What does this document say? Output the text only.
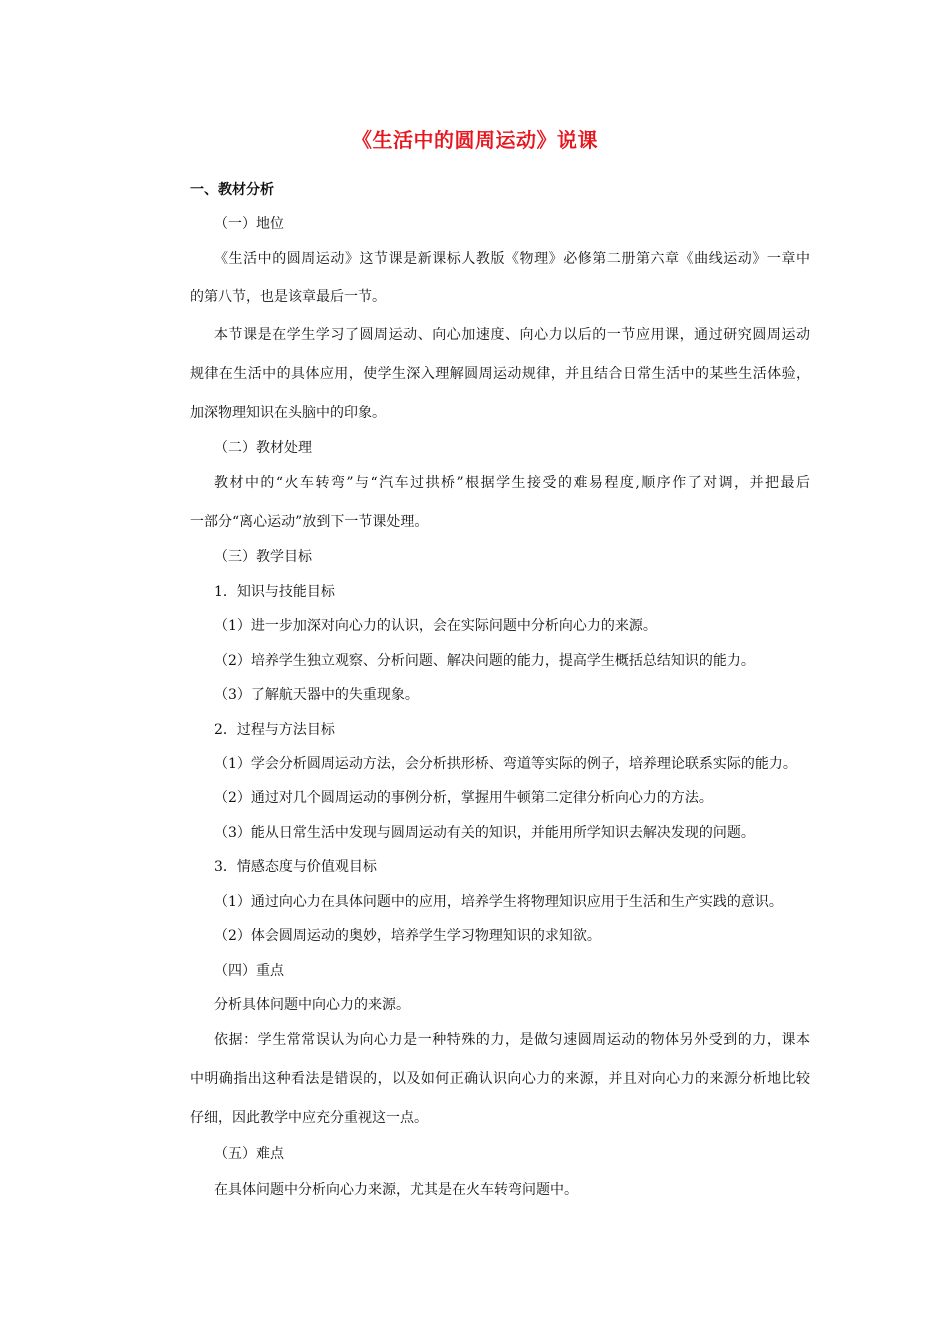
《生活中的圆周运动》说课
一、教材分析
（一）地位
《生活中的圆周运动》这节课是新课标人教版《物理》必修第二册第六章《曲线运动》一章中
的第八节，也是该章最后一节。
本节课是在学生学习了圆周运动、向心加速度、向心力以后的一节应用课，通过研究圆周运动
规律在生活中的具体应用，使学生深入理解圆周运动规律，并且结合日常生活中的某些生活体验，
加深物理知识在头脑中的印象。
（二）教材处理
教材中的“火车转弯”与“汽车过拱桥”根据学生接受的难易程度,顺序作了对调，并把最后
一部分“离心运动”放到下一节课处理。
（三）教学目标
1．知识与技能目标
（1）进一步加深对向心力的认识，会在实际问题中分析向心力的来源。
（2）培养学生独立观察、分析问题、解决问题的能力，提高学生概括总结知识的能力。
（3）了解航天器中的失重现象。
2．过程与方法目标
（1）学会分析圆周运动方法，会分析拱形桥、弯道等实际的例子，培养理论联系实际的能力。
（2）通过对几个圆周运动的事例分析，掌握用牛顿第二定律分析向心力的方法。
（3）能从日常生活中发现与圆周运动有关的知识，并能用所学知识去解决发现的问题。
3．情感态度与价值观目标
（1）通过向心力在具体问题中的应用，培养学生将物理知识应用于生活和生产实践的意识。
（2）体会圆周运动的奥妙，培养学生学习物理知识的求知欲。
（四）重点
分析具体问题中向心力的来源。
依据：学生常常误认为向心力是一种特殊的力，是做匀速圆周运动的物体另外受到的力，课本
中明确指出这种看法是错误的，以及如何正确认识向心力的来源，并且对向心力的来源分析地比较
仔细，因此教学中应充分重视这一点。
（五）难点
在具体问题中分析向心力来源，尤其是在火车转弯问题中。
